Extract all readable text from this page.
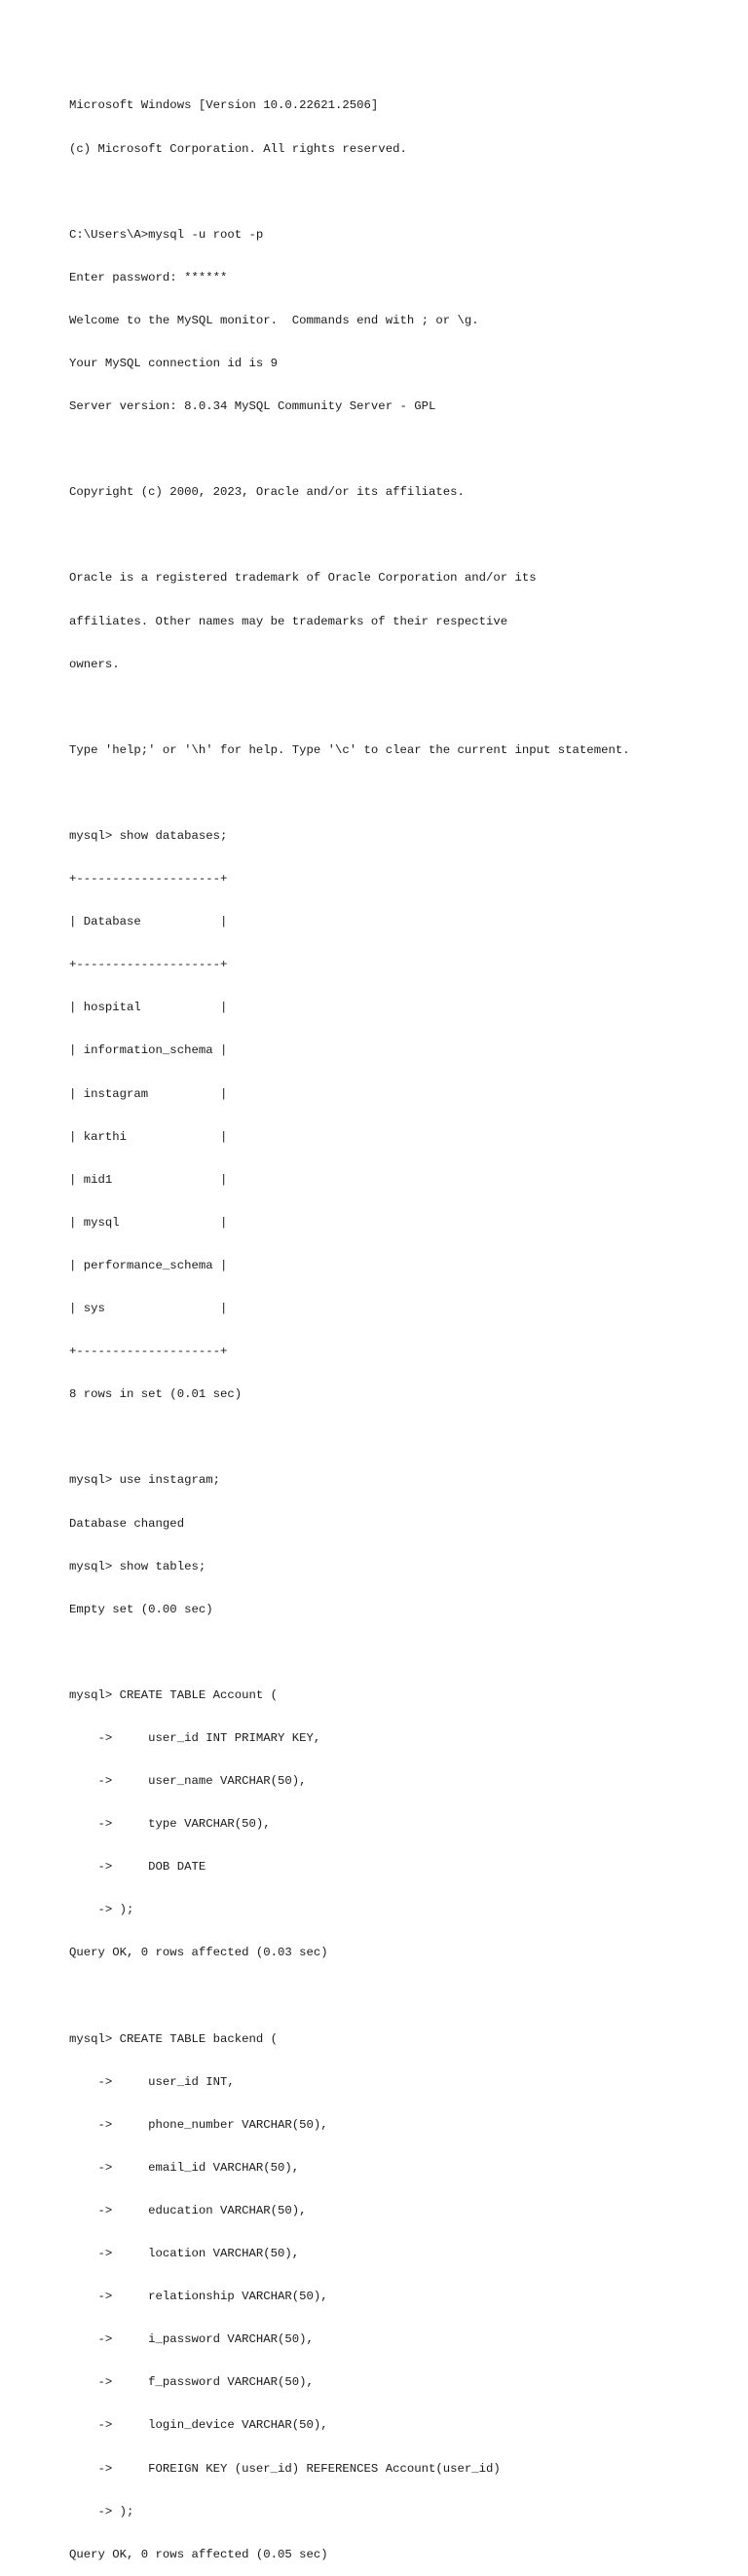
Microsoft Windows [Version 10.0.22621.2506]

(c) Microsoft Corporation. All rights reserved.

C:\Users\A>mysql -u root -p

Enter password: ******

Welcome to the MySQL monitor.  Commands end with ; or \g.

Your MySQL connection id is 9

Server version: 8.0.34 MySQL Community Server - GPL

Copyright (c) 2000, 2023, Oracle and/or its affiliates.

Oracle is a registered trademark of Oracle Corporation and/or its

affiliates. Other names may be trademarks of their respective

owners.

Type 'help;' or '\h' for help. Type '\c' to clear the current input statement.

mysql> show databases;

+--------------------+

| Database           |

+--------------------+

| hospital           |

| information_schema |

| instagram          |

| karthi             |

| mid1               |

| mysql              |

| performance_schema |

| sys                |

+--------------------+

8 rows in set (0.01 sec)

mysql> use instagram;

Database changed

mysql> show tables;

Empty set (0.00 sec)

mysql> CREATE TABLE Account (

->     user_id INT PRIMARY KEY,

->     user_name VARCHAR(50),

->     type VARCHAR(50),

->     DOB DATE

-> );

Query OK, 0 rows affected (0.03 sec)

mysql> CREATE TABLE backend (

->     user_id INT,

->     phone_number VARCHAR(50),

->     email_id VARCHAR(50),

->     education VARCHAR(50),

->     location VARCHAR(50),

->     relationship VARCHAR(50),

->     i_password VARCHAR(50),

->     f_password VARCHAR(50),

->     login_device VARCHAR(50),

->     FOREIGN KEY (user_id) REFERENCES Account(user_id)

-> );

Query OK, 0 rows affected (0.05 sec)
